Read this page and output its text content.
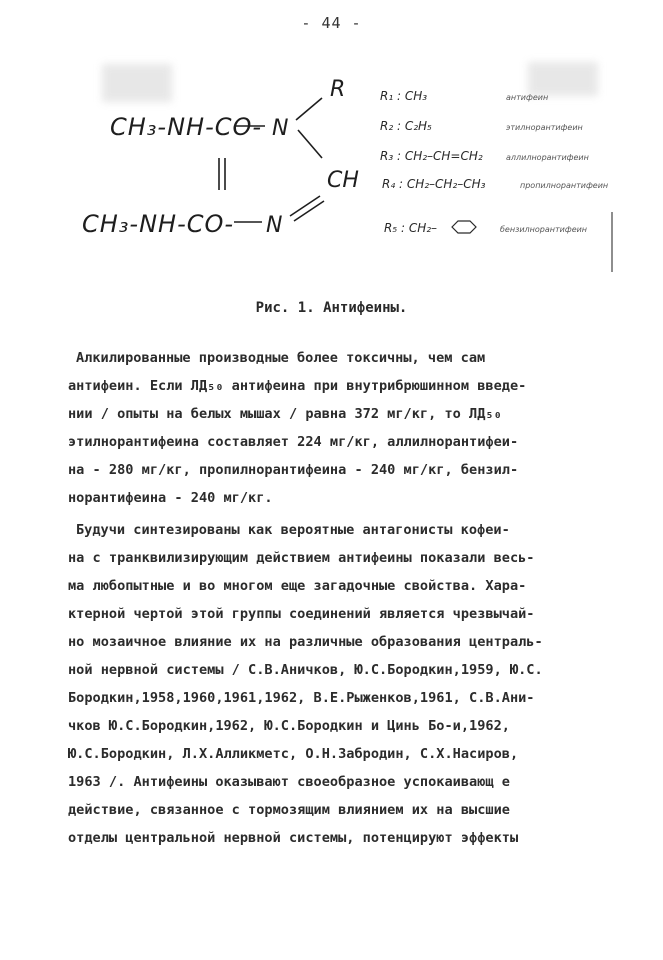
- 44 -
CH₃-NH-CO- N
R
CH
CH₃-NH-CO- N
R₁ : CH₃	антифеин
R₂ : C₂H₅	этилнорантифеин
R₃ : CH₂–CH=CH₂	аллилнорантифеин
R₄ : CH₂–CH₂–CH₃	пропилнорантифеин
R₅ : CH₂–	бензилнорантифеин
Рис. 1. Антифеины.
Алкилированные производные более токсичны, чем сам
антифеин. Если ЛД₅₀ антифеина при внутрибрюшинном введе-
нии / опыты на белых мышах / равна 372 мг/кг, то ЛД₅₀
этилнорантифеина составляет 224 мг/кг, аллилнорантифеи-
на - 280 мг/кг, пропилнорантифеина - 240 мг/кг, бензил-
норантифеина - 240 мг/кг.
Будучи синтезированы как вероятные антагонисты кофеи-
на с транквилизирующим действием антифеины показали весь-
ма любопытные и во многом еще загадочные свойства. Хара-
ктерной чертой этой группы соединений является чрезвычай-
но мозаичное влияние их на различные образования централь-
ной нервной системы / С.В.Аничков, Ю.С.Бородкин,1959, Ю.С.
Бородкин,1958,1960,1961,1962, В.Е.Рыженков,1961, С.В.Ани-
чков Ю.С.Бородкин,1962, Ю.С.Бородкин и Цинь Бо-и,1962,
Ю.С.Бородкин, Л.Х.Алликметс, О.Н.Забродин, С.Х.Насиров,
1963 /. Антифеины оказывают своеобразное успокаивающ е
действие, связанное с тормозящим влиянием их на высшие
отделы центральной нервной системы, потенцируют эффекты
